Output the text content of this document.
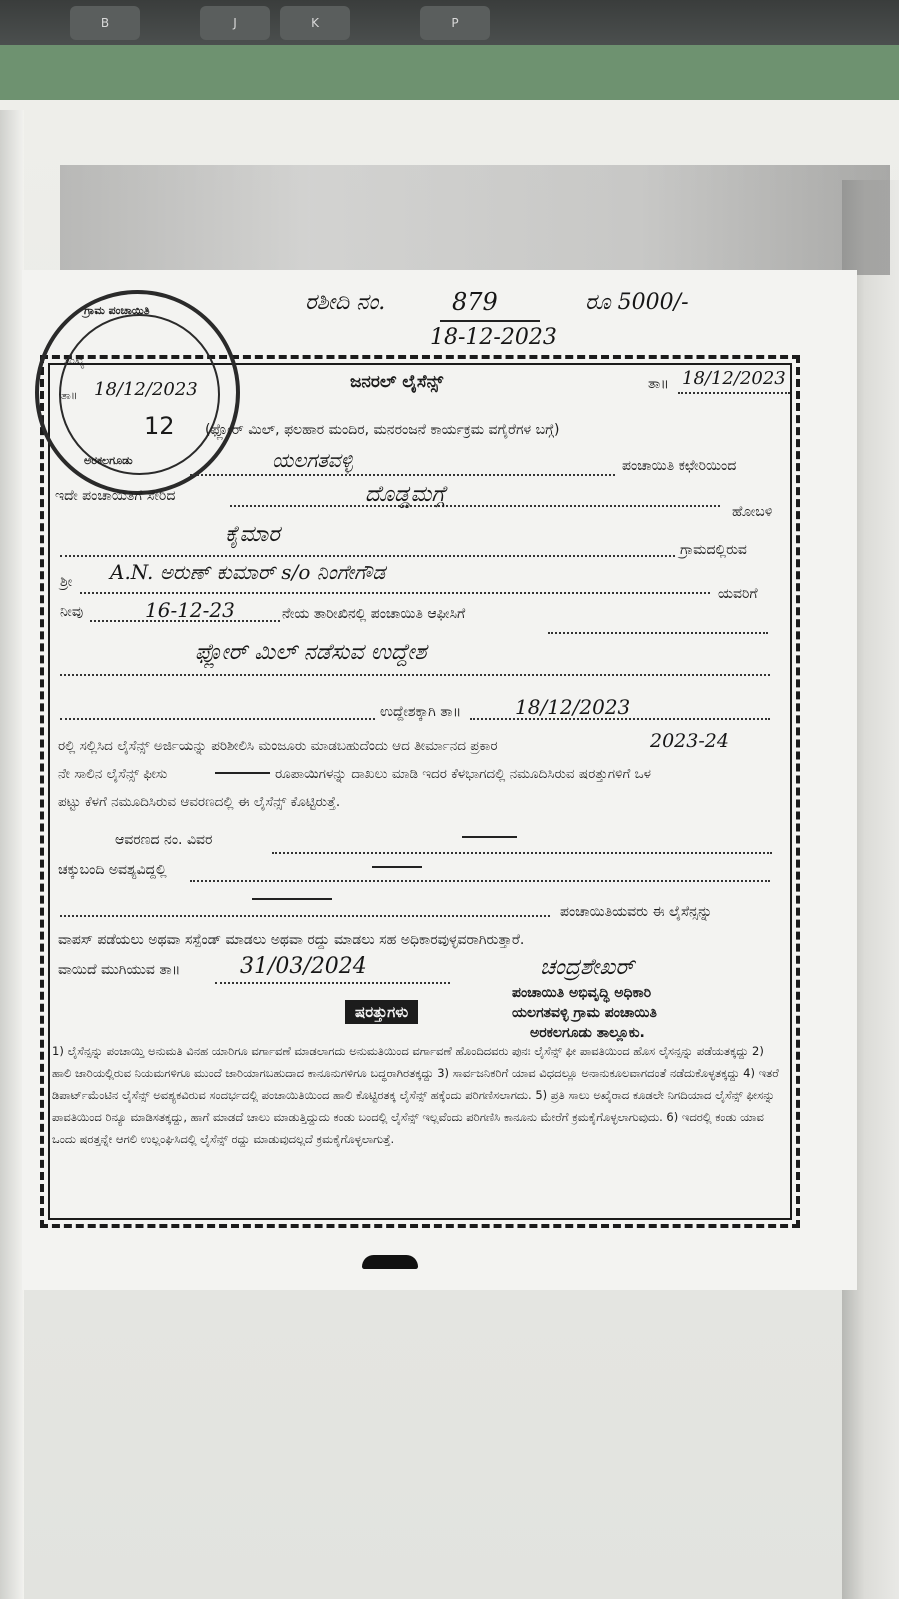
B	J	K	P
ರಶೀದಿ ನಂ.	879	ರೂ 5000/-
18-12-2023
ಗ್ರಾಮ ಪಂಚಾಯಿತಿ
ಸಂಖ್ಯೆ
ತಾ॥ 18/12/2023
12
ಅರಕಲಗೂಡು
ಜನರಲ್ ಲೈಸೆನ್ಸ್	ತಾ॥ 18/12/2023
(ಫ್ಲೋರ್ ಮಿಲ್, ಫಲಹಾರ ಮಂದಿರ, ಮನರಂಜನೆ ಕಾರ್ಯಕ್ರಮ ವಗೈರೆಗಳ ಬಗ್ಗೆ)
ಯಲಗತವಳ್ಳಿ	ಪಂಚಾಯಿತಿ ಕಛೇರಿಯಿಂದ
ಇದೇ ಪಂಚಾಯಿತಿಗೆ ಸೇರಿದ	ದೊಡ್ಡಮಗ್ಗೆ
ಹೋಬಳಿ
ಕೈಮಾರ
ಗ್ರಾಮದಲ್ಲಿರುವ
ಶ್ರೀ A.N. ಅರುಣ್ ಕುಮಾರ್ s/o ನಿಂಗೇಗೌಡ
ಯವರಿಗೆ
ನೀವು	16-12-23	ನೇಯ ತಾರೀಖಿನಲ್ಲಿ ಪಂಚಾಯಿತಿ ಆಫೀಸಿಗೆ
ಫ್ಲೋರ್ ಮಿಲ್ ನಡೆಸುವ ಉದ್ದೇಶ
ಉದ್ದೇಶಕ್ಕಾಗಿ ತಾ॥	18/12/2023
ರಲ್ಲಿ ಸಲ್ಲಿಸಿದ ಲೈಸೆನ್ಸ್ ಅರ್ಜಿಯನ್ನು ಪರಿಶೀಲಿಸಿ ಮಂಜೂರು ಮಾಡಬಹುದೆಂದು ಆದ ತೀರ್ಮಾನದ ಪ್ರಕಾರ	2023-24
ನೇ ಸಾಲಿನ ಲೈಸೆನ್ಸ್ ಫೀಸು	ರೂಪಾಯಿಗಳನ್ನು ದಾಖಲು ಮಾಡಿ ಇದರ ಕೆಳಭಾಗದಲ್ಲಿ ನಮೂದಿಸಿರುವ ಷರತ್ತುಗಳಿಗೆ ಒಳ
ಪಟ್ಟು ಕೆಳಗೆ ನಮೂದಿಸಿರುವ ಆವರಣದಲ್ಲಿ ಈ ಲೈಸೆನ್ಸ್ ಕೊಟ್ಟಿರುತ್ತೆ.
ಆವರಣದ ನಂ. ವಿವರ
ಚಕ್ಕುಬಂದಿ ಅವಶ್ಯವಿದ್ದಲ್ಲಿ
ಪಂಚಾಯಿತಿಯವರು ಈ ಲೈಸೆನ್ಸನ್ನು
ವಾಪಸ್ ಪಡೆಯಲು ಅಥವಾ ಸಸ್ಪೆಂಡ್ ಮಾಡಲು ಅಥವಾ ರದ್ದು ಮಾಡಲು ಸಹ ಅಧಿಕಾರವುಳ್ಳವರಾಗಿರುತ್ತಾರೆ.
ವಾಯಿದೆ ಮುಗಿಯುವ ತಾ॥	31/03/2024	ಚಂದ್ರಶೇಖರ್
ಪಂಚಾಯಿತಿ ಅಭಿವೃದ್ಧಿ ಅಧಿಕಾರಿ
ಯಲಗತವಳ್ಳಿ ಗ್ರಾಮ ಪಂಚಾಯಿತಿ
ಅರಕಲಗೂಡು ತಾಲ್ಲೂಕು.
ಷರತ್ತುಗಳು
1) ಲೈಸೆನ್ಸನ್ನು ಪಂಚಾಯ್ತಿ ಅನುಮತಿ ವಿನಹ ಯಾರಿಗೂ ವರ್ಗಾವಣೆ ಮಾಡಲಾಗದು ಅನುಮತಿಯಿಂದ ವರ್ಗಾವಣೆ ಹೊಂದಿದವರು ಪುನಃ ಲೈಸೆನ್ಸ್ ಫೀ ಪಾವತಿಯಿಂದ ಹೊಸ ಲೈಸನ್ಸನ್ನು ಪಡೆಯತಕ್ಕದ್ದು 2) ಹಾಲಿ ಜಾರಿಯಲ್ಲಿರುವ ನಿಯಮಗಳಿಗೂ ಮುಂದೆ ಜಾರಿಯಾಗಬಹುದಾದ ಕಾನೂನುಗಳಿಗೂ ಬದ್ಧರಾಗಿರತಕ್ಕದ್ದು 3) ಸಾರ್ವಜನಿಕರಿಗೆ ಯಾವ ವಿಧದಲ್ಲೂ ಅನಾನುಕೂಲವಾಗದಂತೆ ನಡೆದುಕೊಳ್ಳತಕ್ಕದ್ದು 4) ಇತರೆ ಡಿಪಾರ್ಟ್‌ಮೆಂಟಿನ ಲೈಸೆನ್ಸ್ ಅವಶ್ಯಕವಿರುವ ಸಂದರ್ಭದಲ್ಲಿ ಪಂಚಾಯಿತಿಯಿಂದ ಹಾಲಿ ಕೊಟ್ಟಿರತಕ್ಕ ಲೈಸೆನ್ಸ್ ಹಕ್ಕೆಂದು ಪರಿಗಣಿಸಲಾಗದು. 5) ಪ್ರತಿ ಸಾಲು ಅಖೈರಾದ ಕೂಡಲೇ ನಿಗದಿಯಾದ ಲೈಸೆನ್ಸ್ ಫೀಸನ್ನು ಪಾವತಿಯಿಂದ ರಿನ್ಯೂ ಮಾಡಿಸತಕ್ಕದ್ದು, ಹಾಗೆ ಮಾಡದೆ ಚಾಲು ಮಾಡುತ್ತಿದ್ದುದು ಕಂಡು ಬಂದಲ್ಲಿ ಲೈಸೆನ್ಸ್ ಇಲ್ಲವೆಂದು ಪರಿಗಣಿಸಿ ಕಾನೂನು ಮೇರೆಗೆ ಕ್ರಮಕೈಗೊಳ್ಳಲಾಗುವುದು. 6) ಇದರಲ್ಲಿ ಕಂಡು ಯಾವ ಒಂದು ಷರತ್ತನ್ನೇ ಆಗಲಿ ಉಲ್ಲಂಘಿಸಿದಲ್ಲಿ ಲೈಸೆನ್ಸ್ ರದ್ದು ಮಾಡುವುದಲ್ಲದೆ ಕ್ರಮಕೈಗೊಳ್ಳಲಾಗುತ್ತೆ.
